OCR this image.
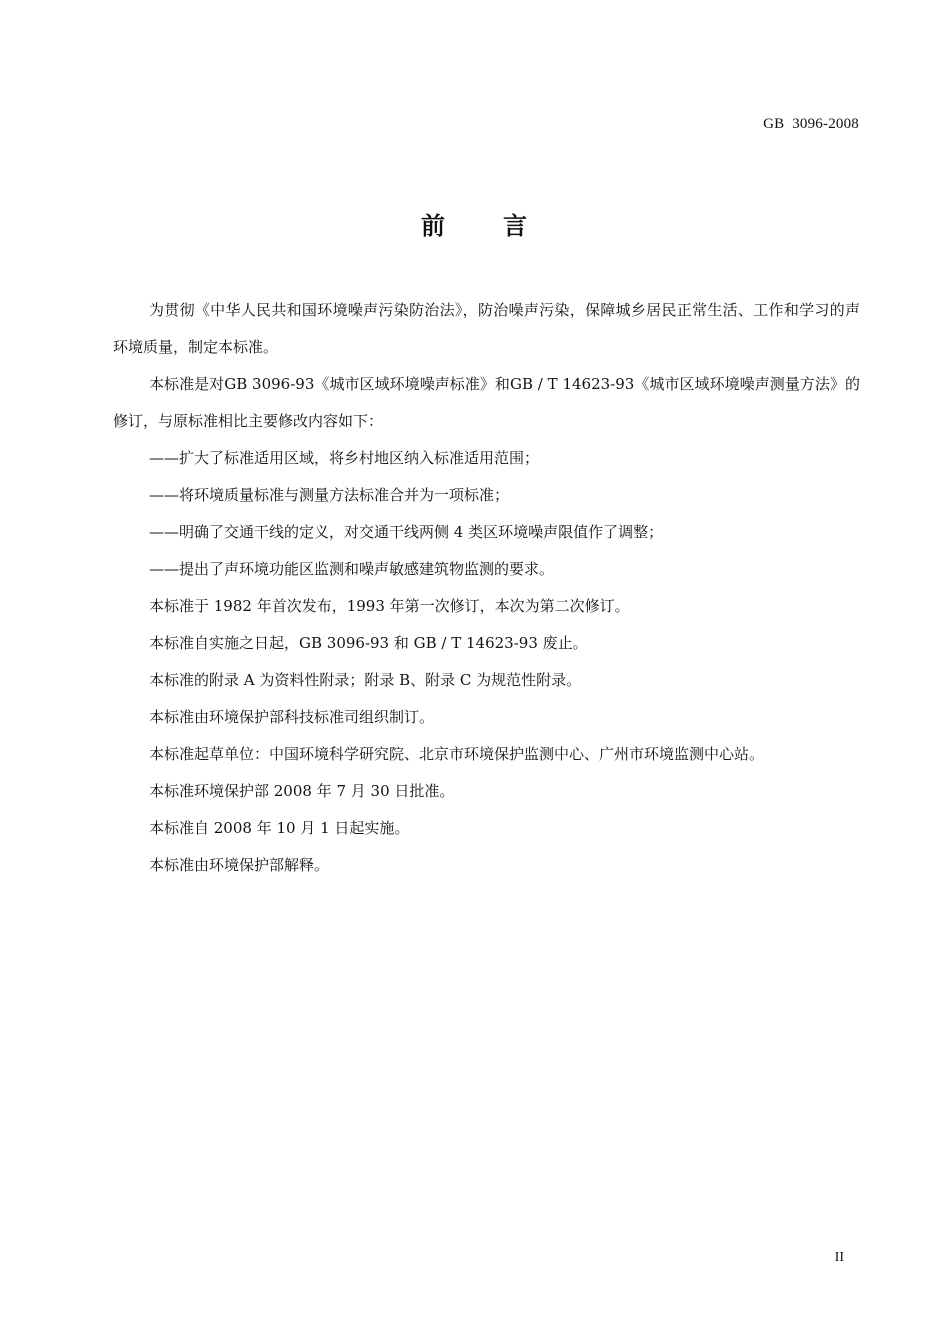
GB  3096-2008
前 言

为贯彻《中华人民共和国环境噪声污染防治法》，防治噪声污染，保障城乡居民正常生活、工作和学习的声环境质量，制定本标准。

本标准是对GB 3096-93《城市区域环境噪声标准》和GB / T 14623-93《城市区域环境噪声测量方法》的修订，与原标准相比主要修改内容如下：

——扩大了标准适用区域，将乡村地区纳入标准适用范围；

——将环境质量标准与测量方法标准合并为一项标准；

——明确了交通干线的定义，对交通干线两侧 4 类区环境噪声限值作了调整；

——提出了声环境功能区监测和噪声敏感建筑物监测的要求。

本标准于 1982 年首次发布，1993 年第一次修订，本次为第二次修订。

本标准自实施之日起，GB 3096-93 和 GB / T 14623-93 废止。

本标准的附录 A 为资料性附录；附录 B、附录 C 为规范性附录。

本标准由环境保护部科技标准司组织制订。

本标准起草单位：中国环境科学研究院、北京市环境保护监测中心、广州市环境监测中心站。

本标准环境保护部 2008 年 7 月 30 日批准。

本标准自 2008 年 10 月 1 日起实施。

本标准由环境保护部解释。

II
